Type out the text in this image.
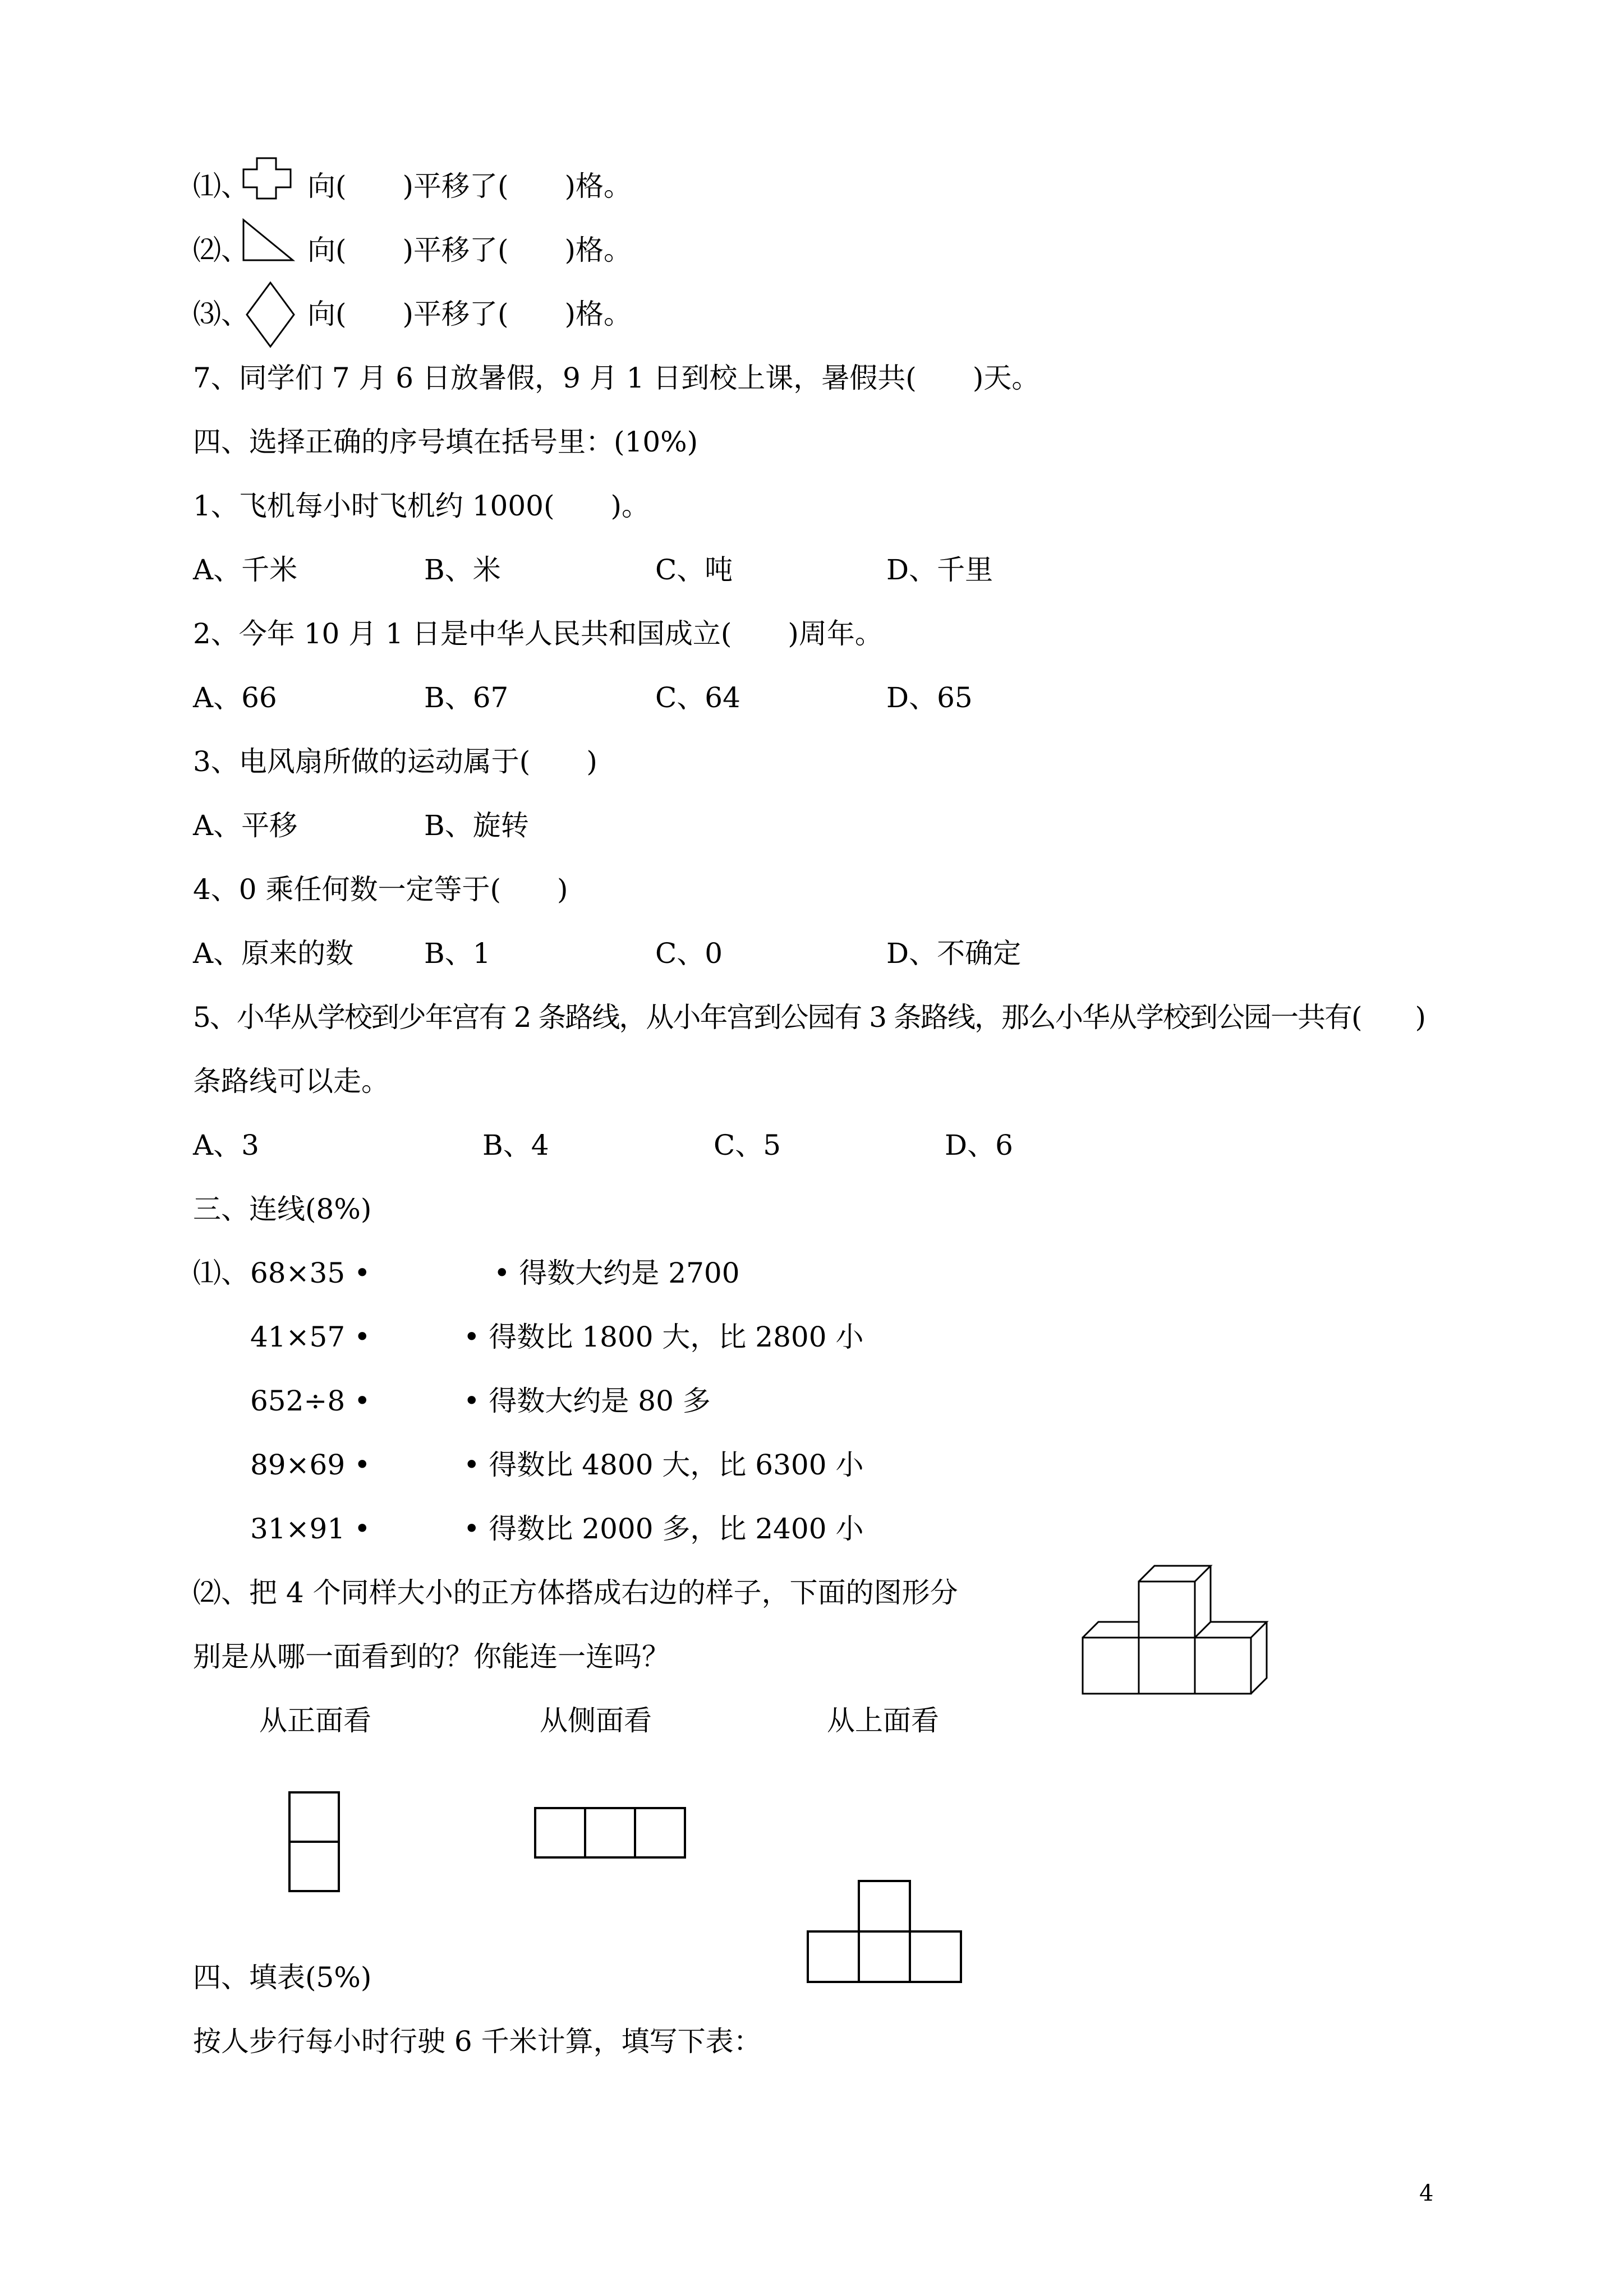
⑴、 向(　　)平移了(　　)格。
⑵、 向(　　)平移了(　　)格。
⑶、 向(　　)平移了(　　)格。
7、同学们 7 月 6 日放暑假，9 月 1 日到校上课，暑假共(　　)天。
四、选择正确的序号填在括号里：(10%)
1、飞机每小时飞机约 1000(　　)。
A、千米	B、米	C、吨	D、千里
2、今年 10 月 1 日是中华人民共和国成立(　　)周年。
A、66	B、67	C、64	D、65
3、电风扇所做的运动属于(　　)
A、平移	B、旋转
4、0 乘任何数一定等于(　　)
A、原来的数	B、1	C、0	D、不确定
5、小华从学校到少年宫有 2 条路线，从小年宫到公园有 3 条路线，那么小华从学校到公园一共有(　　)
条路线可以走。
A、3	B、4	C、5	D、6
三、连线(8%)
⑴、 68×35 •	• 得数大约是 2700
41×57 •	• 得数比 1800 大，比 2800 小
652÷8 •	• 得数大约是 80 多
89×69 •	• 得数比 4800 大，比 6300 小
31×91 •	• 得数比 2000 多，比 2400 小
⑵、把 4 个同样大小的正方体搭成右边的样子，下面的图形分
别是从哪一面看到的？你能连一连吗？
从正面看	从侧面看	从上面看
四、填表(5%)
按人步行每小时行驶 6 千米计算，填写下表：
4
